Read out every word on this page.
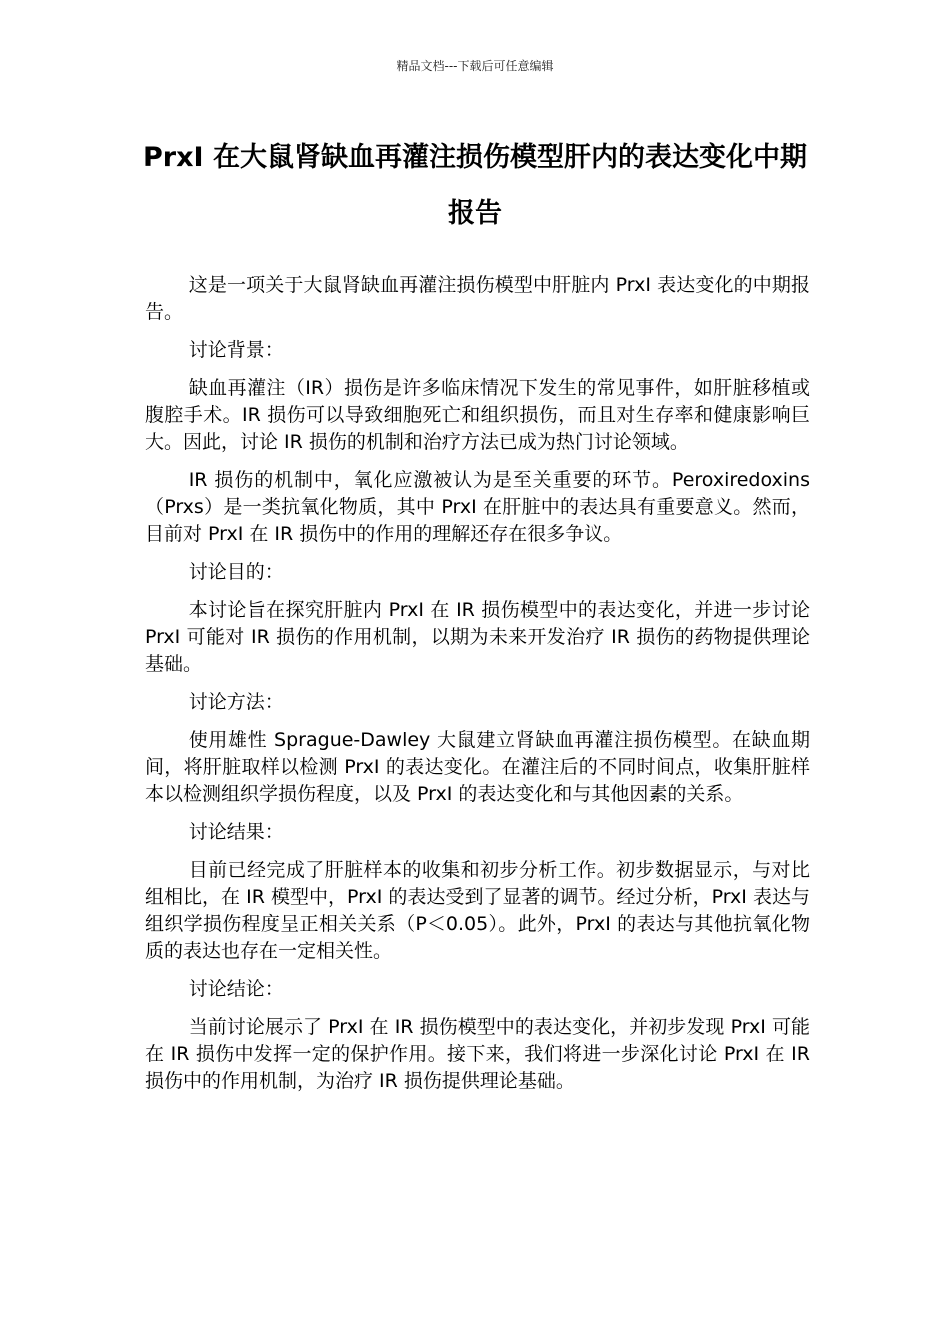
精品文档---下载后可任意编辑
PrxI 在大鼠肾缺血再灌注损伤模型肝内的表达变化中期报告

这是一项关于大鼠肾缺血再灌注损伤模型中肝脏内 PrxI 表达变化的中期报告。

讨论背景：

缺血再灌注（IR）损伤是许多临床情况下发生的常见事件，如肝脏移植或腹腔手术。IR 损伤可以导致细胞死亡和组织损伤，而且对生存率和健康影响巨大。因此，讨论 IR 损伤的机制和治疗方法已成为热门讨论领域。

IR 损伤的机制中，氧化应激被认为是至关重要的环节。Peroxiredoxins（Prxs）是一类抗氧化物质，其中 PrxI 在肝脏中的表达具有重要意义。然而，目前对 PrxI 在 IR 损伤中的作用的理解还存在很多争议。

讨论目的：

本讨论旨在探究肝脏内 PrxI 在 IR 损伤模型中的表达变化，并进一步讨论 PrxI 可能对 IR 损伤的作用机制，以期为未来开发治疗 IR 损伤的药物提供理论基础。

讨论方法：

使用雄性 Sprague-Dawley 大鼠建立肾缺血再灌注损伤模型。在缺血期间，将肝脏取样以检测 PrxI 的表达变化。在灌注后的不同时间点，收集肝脏样本以检测组织学损伤程度，以及 PrxI 的表达变化和与其他因素的关系。

讨论结果：

目前已经完成了肝脏样本的收集和初步分析工作。初步数据显示，与对比组相比，在 IR 模型中，PrxI 的表达受到了显著的调节。经过分析，PrxI 表达与组织学损伤程度呈正相关关系（P＜0.05）。此外，PrxI 的表达与其他抗氧化物质的表达也存在一定相关性。

讨论结论：

当前讨论展示了 PrxI 在 IR 损伤模型中的表达变化，并初步发现 PrxI 可能在 IR 损伤中发挥一定的保护作用。接下来，我们将进一步深化讨论 PrxI 在 IR 损伤中的作用机制，为治疗 IR 损伤提供理论基础。
